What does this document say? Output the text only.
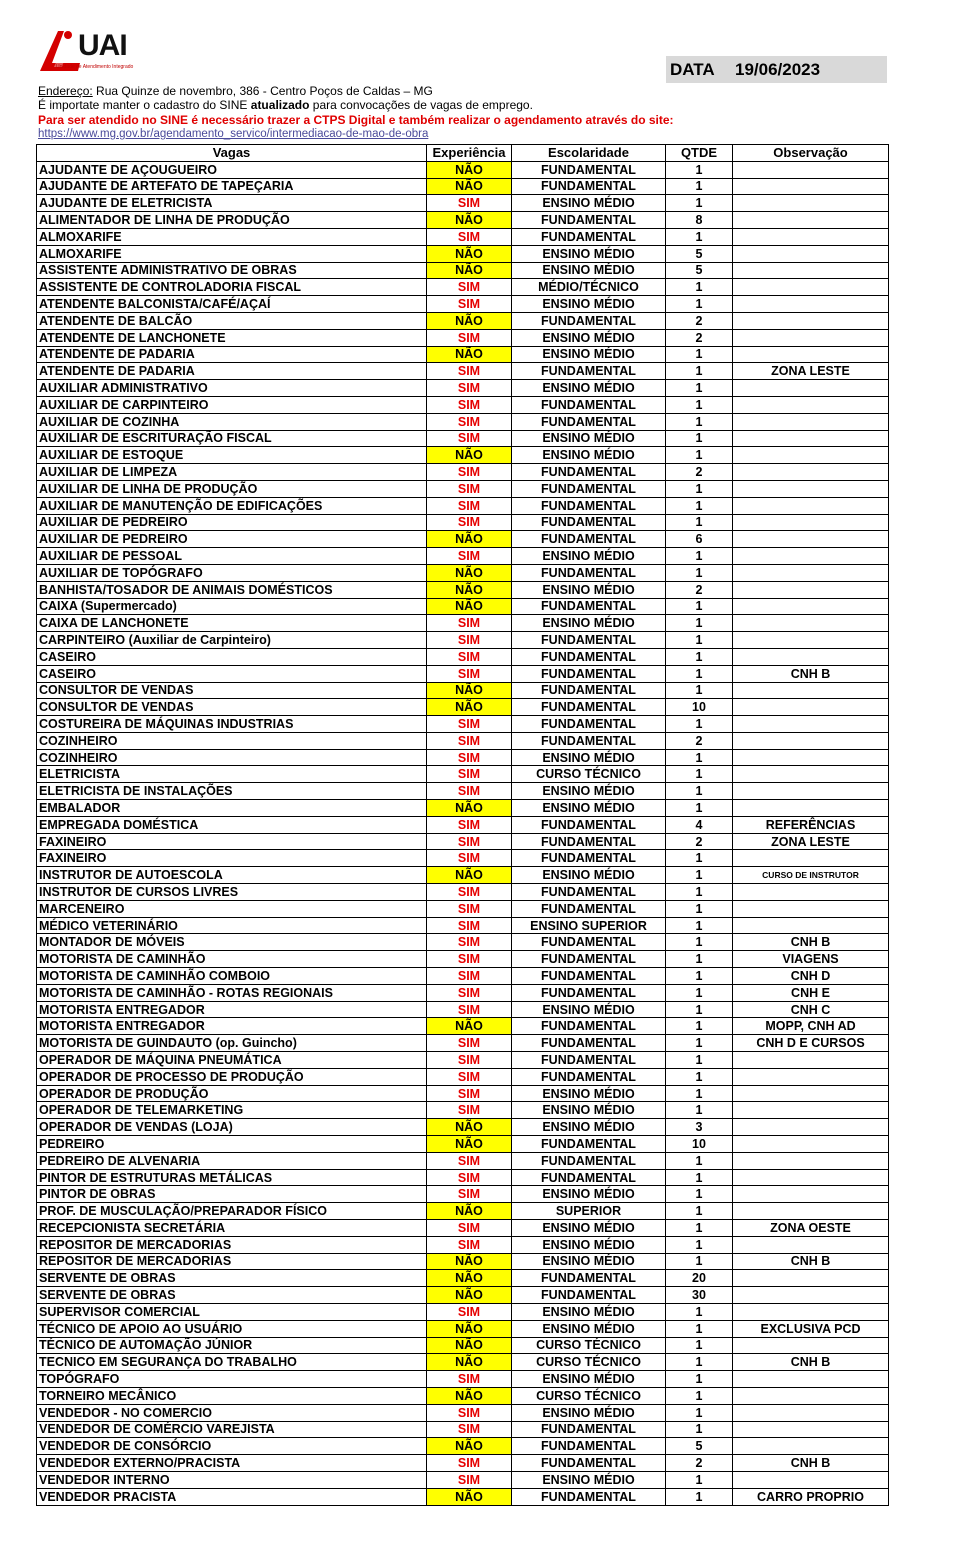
UAI
Unidade de Atendimento Integrado	DATA 19/06/2023
Endereço: Rua Quinze de novembro, 386 - Centro Poços de Caldas – MG
É importate manter o cadastro do SINE atualizado para convocações de vagas de emprego.
Para ser atendido no SINE é necessário trazer a CTPS Digital e também realizar o agendamento através do site:
https://www.mg.gov.br/agendamento_servico/intermediacao-de-mao-de-obra
Vagas	Experiência	Escolaridade	QTDE	Observação
AJUDANTE DE AÇOUGUEIRO	NÃO	FUNDAMENTAL	1	
AJUDANTE DE ARTEFATO DE TAPEÇARIA	NÃO	FUNDAMENTAL	1	
AJUDANTE DE ELETRICISTA	SIM	ENSINO MÉDIO	1	
ALIMENTADOR DE LINHA DE PRODUÇÃO	NÃO	FUNDAMENTAL	8	
ALMOXARIFE	SIM	FUNDAMENTAL	1	
ALMOXARIFE	NÃO	ENSINO MÉDIO	5	
ASSISTENTE ADMINISTRATIVO DE OBRAS	NÃO	ENSINO MÉDIO	5	
ASSISTENTE DE CONTROLADORIA FISCAL	SIM	MÉDIO/TÉCNICO	1	
ATENDENTE BALCONISTA/CAFÉ/AÇAÍ	SIM	ENSINO MÉDIO	1	
ATENDENTE DE BALCÃO	NÃO	FUNDAMENTAL	2	
ATENDENTE DE LANCHONETE	SIM	ENSINO MÉDIO	2	
ATENDENTE DE PADARIA	NÃO	ENSINO MÉDIO	1	
ATENDENTE DE PADARIA	SIM	FUNDAMENTAL	1	ZONA LESTE
AUXILIAR ADMINISTRATIVO	SIM	ENSINO MÉDIO	1	
AUXILIAR DE CARPINTEIRO	SIM	FUNDAMENTAL	1	
AUXILIAR DE COZINHA	SIM	FUNDAMENTAL	1	
AUXILIAR DE ESCRITURAÇÃO FISCAL	SIM	ENSINO MÉDIO	1	
AUXILIAR DE ESTOQUE	NÃO	ENSINO MÉDIO	1	
AUXILIAR DE LIMPEZA	SIM	FUNDAMENTAL	2	
AUXILIAR DE LINHA DE PRODUÇÃO	SIM	FUNDAMENTAL	1	
AUXILIAR DE MANUTENÇÃO DE EDIFICAÇÕES	SIM	FUNDAMENTAL	1	
AUXILIAR DE PEDREIRO	SIM	FUNDAMENTAL	1	
AUXILIAR DE PEDREIRO	NÃO	FUNDAMENTAL	6	
AUXILIAR DE PESSOAL	SIM	ENSINO MÉDIO	1	
AUXILIAR DE TOPÓGRAFO	NÃO	FUNDAMENTAL	1	
BANHISTA/TOSADOR DE ANIMAIS DOMÉSTICOS	NÃO	ENSINO MÉDIO	2	
CAIXA (Supermercado)	NÃO	FUNDAMENTAL	1	
CAIXA DE LANCHONETE	SIM	ENSINO MÉDIO	1	
CARPINTEIRO (Auxiliar de Carpinteiro)	SIM	FUNDAMENTAL	1	
CASEIRO	SIM	FUNDAMENTAL	1	
CASEIRO	SIM	FUNDAMENTAL	1	CNH B
CONSULTOR DE VENDAS	NÃO	FUNDAMENTAL	1	
CONSULTOR DE VENDAS	NÃO	FUNDAMENTAL	10	
COSTUREIRA DE MÁQUINAS INDUSTRIAS	SIM	FUNDAMENTAL	1	
COZINHEIRO	SIM	FUNDAMENTAL	2	
COZINHEIRO	SIM	ENSINO MÉDIO	1	
ELETRICISTA	SIM	CURSO TÉCNICO	1	
ELETRICISTA DE INSTALAÇÕES	SIM	ENSINO MÉDIO	1	
EMBALADOR	NÃO	ENSINO MÉDIO	1	
EMPREGADA DOMÉSTICA	SIM	FUNDAMENTAL	4	REFERÊNCIAS
FAXINEIRO	SIM	FUNDAMENTAL	2	ZONA LESTE
FAXINEIRO	SIM	FUNDAMENTAL	1	
INSTRUTOR DE AUTOESCOLA	NÃO	ENSINO MÉDIO	1	CURSO DE INSTRUTOR
INSTRUTOR DE CURSOS LIVRES	SIM	FUNDAMENTAL	1	
MARCENEIRO	SIM	FUNDAMENTAL	1	
MÉDICO VETERINÁRIO	SIM	ENSINO SUPERIOR	1	
MONTADOR DE MÓVEIS	SIM	FUNDAMENTAL	1	CNH B
MOTORISTA DE CAMINHÃO	SIM	FUNDAMENTAL	1	VIAGENS
MOTORISTA DE CAMINHÃO COMBOIO	SIM	FUNDAMENTAL	1	CNH D
MOTORISTA DE CAMINHÃO - ROTAS REGIONAIS	SIM	FUNDAMENTAL	1	CNH E
MOTORISTA ENTREGADOR	SIM	ENSINO MÉDIO	1	CNH C
MOTORISTA ENTREGADOR	NÃO	FUNDAMENTAL	1	MOPP, CNH AD
MOTORISTA DE GUINDAUTO (op. Guincho)	SIM	FUNDAMENTAL	1	CNH D E CURSOS
OPERADOR DE MÁQUINA PNEUMÁTICA	SIM	FUNDAMENTAL	1	
OPERADOR DE PROCESSO DE PRODUÇÃO	SIM	FUNDAMENTAL	1	
OPERADOR DE PRODUÇÃO	SIM	ENSINO MÉDIO	1	
OPERADOR DE TELEMARKETING	SIM	ENSINO MÉDIO	1	
OPERADOR DE VENDAS (LOJA)	NÃO	ENSINO MÉDIO	3	
PEDREIRO	NÃO	FUNDAMENTAL	10	
PEDREIRO DE ALVENARIA	SIM	FUNDAMENTAL	1	
PINTOR DE ESTRUTURAS METÁLICAS	SIM	FUNDAMENTAL	1	
PINTOR DE OBRAS	SIM	ENSINO MÉDIO	1	
PROF. DE MUSCULAÇÃO/PREPARADOR FÍSICO	NÃO	SUPERIOR	1	
RECEPCIONISTA SECRETÁRIA	SIM	ENSINO MÉDIO	1	ZONA OESTE
REPOSITOR DE MERCADORIAS	SIM	ENSINO MÉDIO	1	
REPOSITOR DE MERCADORIAS	NÃO	ENSINO MÉDIO	1	CNH B
SERVENTE DE OBRAS	NÃO	FUNDAMENTAL	20	
SERVENTE DE OBRAS	NÃO	FUNDAMENTAL	30	
SUPERVISOR COMERCIAL	SIM	ENSINO MÉDIO	1	
TÉCNICO DE APOIO AO USUÁRIO	NÃO	ENSINO MÉDIO	1	EXCLUSIVA PCD
TÉCNICO DE AUTOMAÇÃO JÚNIOR	NÃO	CURSO TÉCNICO	1	
TECNICO EM SEGURANÇA DO TRABALHO	NÃO	CURSO TÉCNICO	1	CNH B
TOPÓGRAFO	SIM	ENSINO MÉDIO	1	
TORNEIRO MECÂNICO	NÃO	CURSO TÉCNICO	1	
VENDEDOR - NO COMERCIO	SIM	ENSINO MÉDIO	1	
VENDEDOR DE COMÉRCIO VAREJISTA	SIM	FUNDAMENTAL	1	
VENDEDOR DE CONSÓRCIO	NÃO	FUNDAMENTAL	5	
VENDEDOR EXTERNO/PRACISTA	SIM	FUNDAMENTAL	2	CNH B
VENDEDOR INTERNO	SIM	ENSINO MÉDIO	1	
VENDEDOR PRACISTA	NÃO	FUNDAMENTAL	1	CARRO PROPRIO
